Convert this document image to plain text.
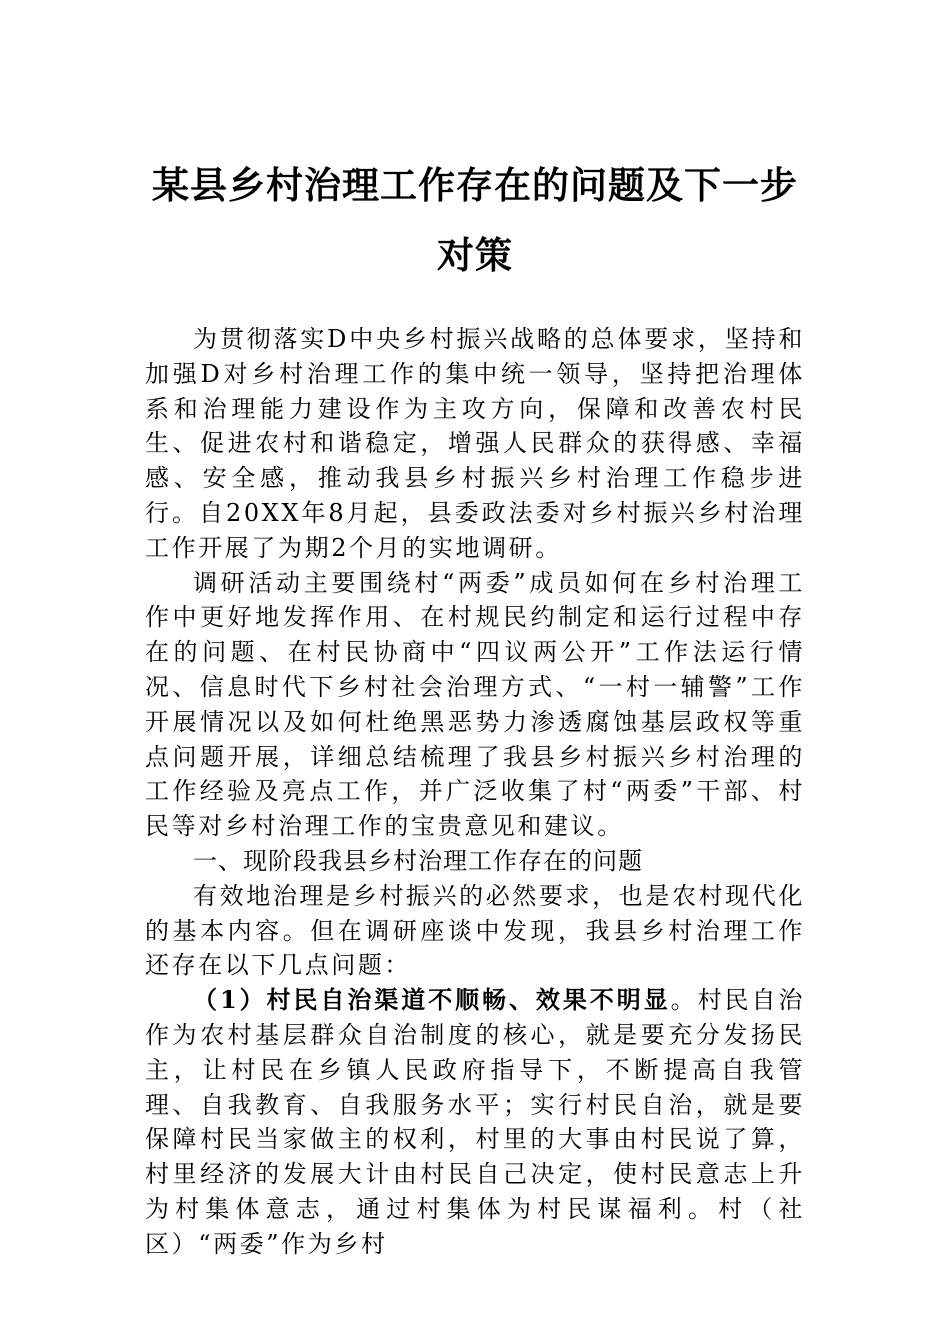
某县乡村治理工作存在的问题及下一步对策

为贯彻落实D中央乡村振兴战略的总体要求，坚持和加强D对乡村治理工作的集中统一领导，坚持把治理体系和治理能力建设作为主攻方向，保障和改善农村民生、促进农村和谐稳定，增强人民群众的获得感、幸福感、安全感，推动我县乡村振兴乡村治理工作稳步进行。自20XX年8月起，县委政法委对乡村振兴乡村治理工作开展了为期2个月的实地调研。

调研活动主要围绕村“两委”成员如何在乡村治理工作中更好地发挥作用、在村规民约制定和运行过程中存在的问题、在村民协商中“四议两公开”工作法运行情况、信息时代下乡村社会治理方式、“一村一辅警”工作开展情况以及如何杜绝黑恶势力渗透腐蚀基层政权等重点问题开展，详细总结梳理了我县乡村振兴乡村治理的工作经验及亮点工作，并广泛收集了村“两委”干部、村民等对乡村治理工作的宝贵意见和建议。

一、现阶段我县乡村治理工作存在的问题

有效地治理是乡村振兴的必然要求，也是农村现代化的基本内容。但在调研座谈中发现，我县乡村治理工作还存在以下几点问题：

（1）村民自治渠道不顺畅、效果不明显。村民自治作为农村基层群众自治制度的核心，就是要充分发扬民主，让村民在乡镇人民政府指导下，不断提高自我管理、自我教育、自我服务水平；实行村民自治，就是要保障村民当家做主的权利，村里的大事由村民说了算，村里经济的发展大计由村民自己决定，使村民意志上升为村集体意志，通过村集体为村民谋福利。村（社区）“两委”作为乡村
